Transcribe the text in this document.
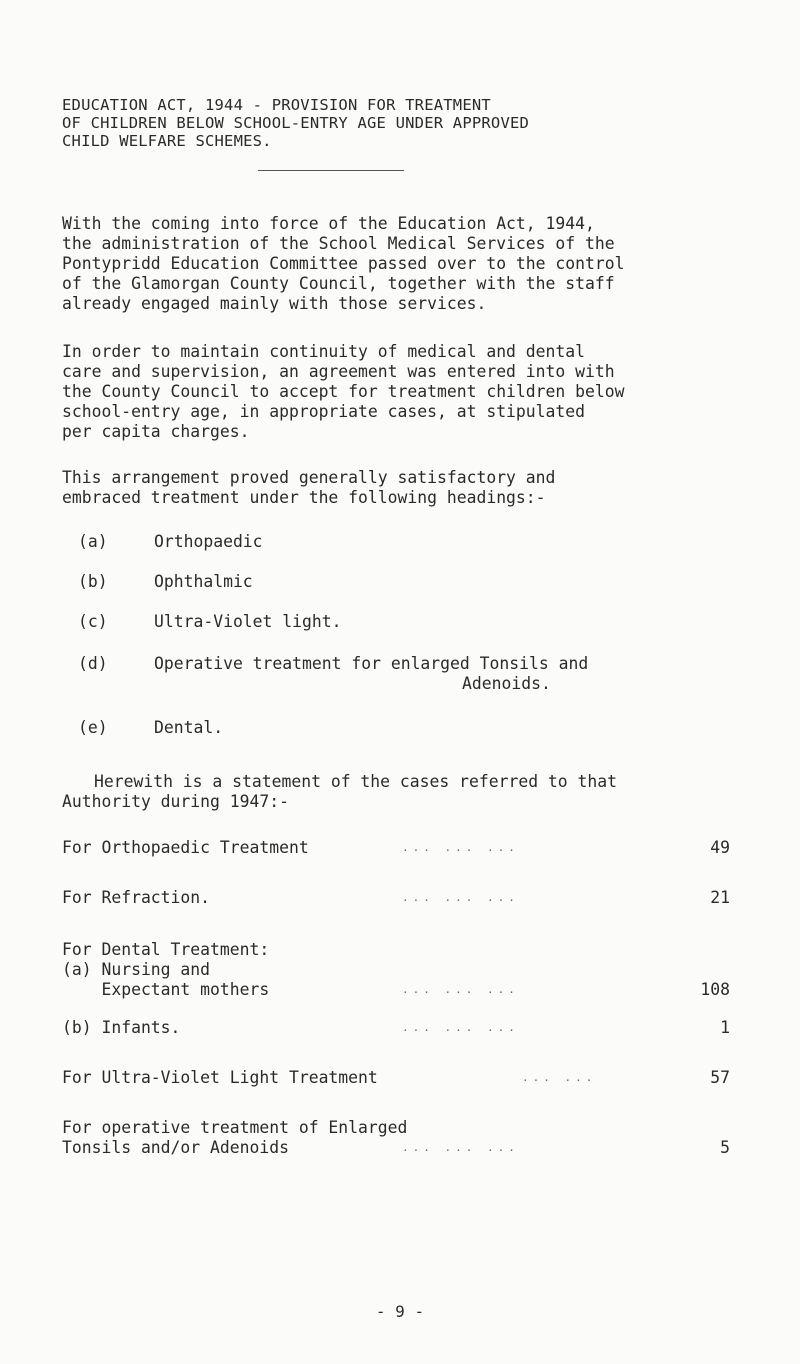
EDUCATION ACT, 1944 - PROVISION FOR TREATMENT
OF CHILDREN BELOW SCHOOL-ENTRY AGE UNDER APPROVED
CHILD WELFARE SCHEMES.
With the coming into force of the Education Act, 1944,
the administration of the School Medical Services of the
Pontypridd Education Committee passed over to the control
of the Glamorgan County Council, together with the staff
already engaged mainly with those services.
In order to maintain continuity of medical and dental
care and supervision, an agreement was entered into with
the County Council to accept for treatment children below
school-entry age, in appropriate cases, at stipulated
per capita charges.
This arrangement proved generally satisfactory and
embraced treatment under the following headings:-
(a)	Orthopaedic
(b)	Ophthalmic
(c)	Ultra-Violet light.
(d)	Operative treatment for enlarged Tonsils and
Adenoids.
(e)	Dental.
Herewith is a statement of the cases referred to that
Authority during 1947:-
For Orthopaedic Treatment	... ... ...	49
For Refraction.	... ... ...	21
For Dental Treatment:
(a) Nursing and
Expectant mothers	... ... ...	108
(b) Infants.	... ... ...	1
For Ultra-Violet Light Treatment	... ...	57
For operative treatment of Enlarged
Tonsils and/or Adenoids	... ... ...	5
- 9 -
